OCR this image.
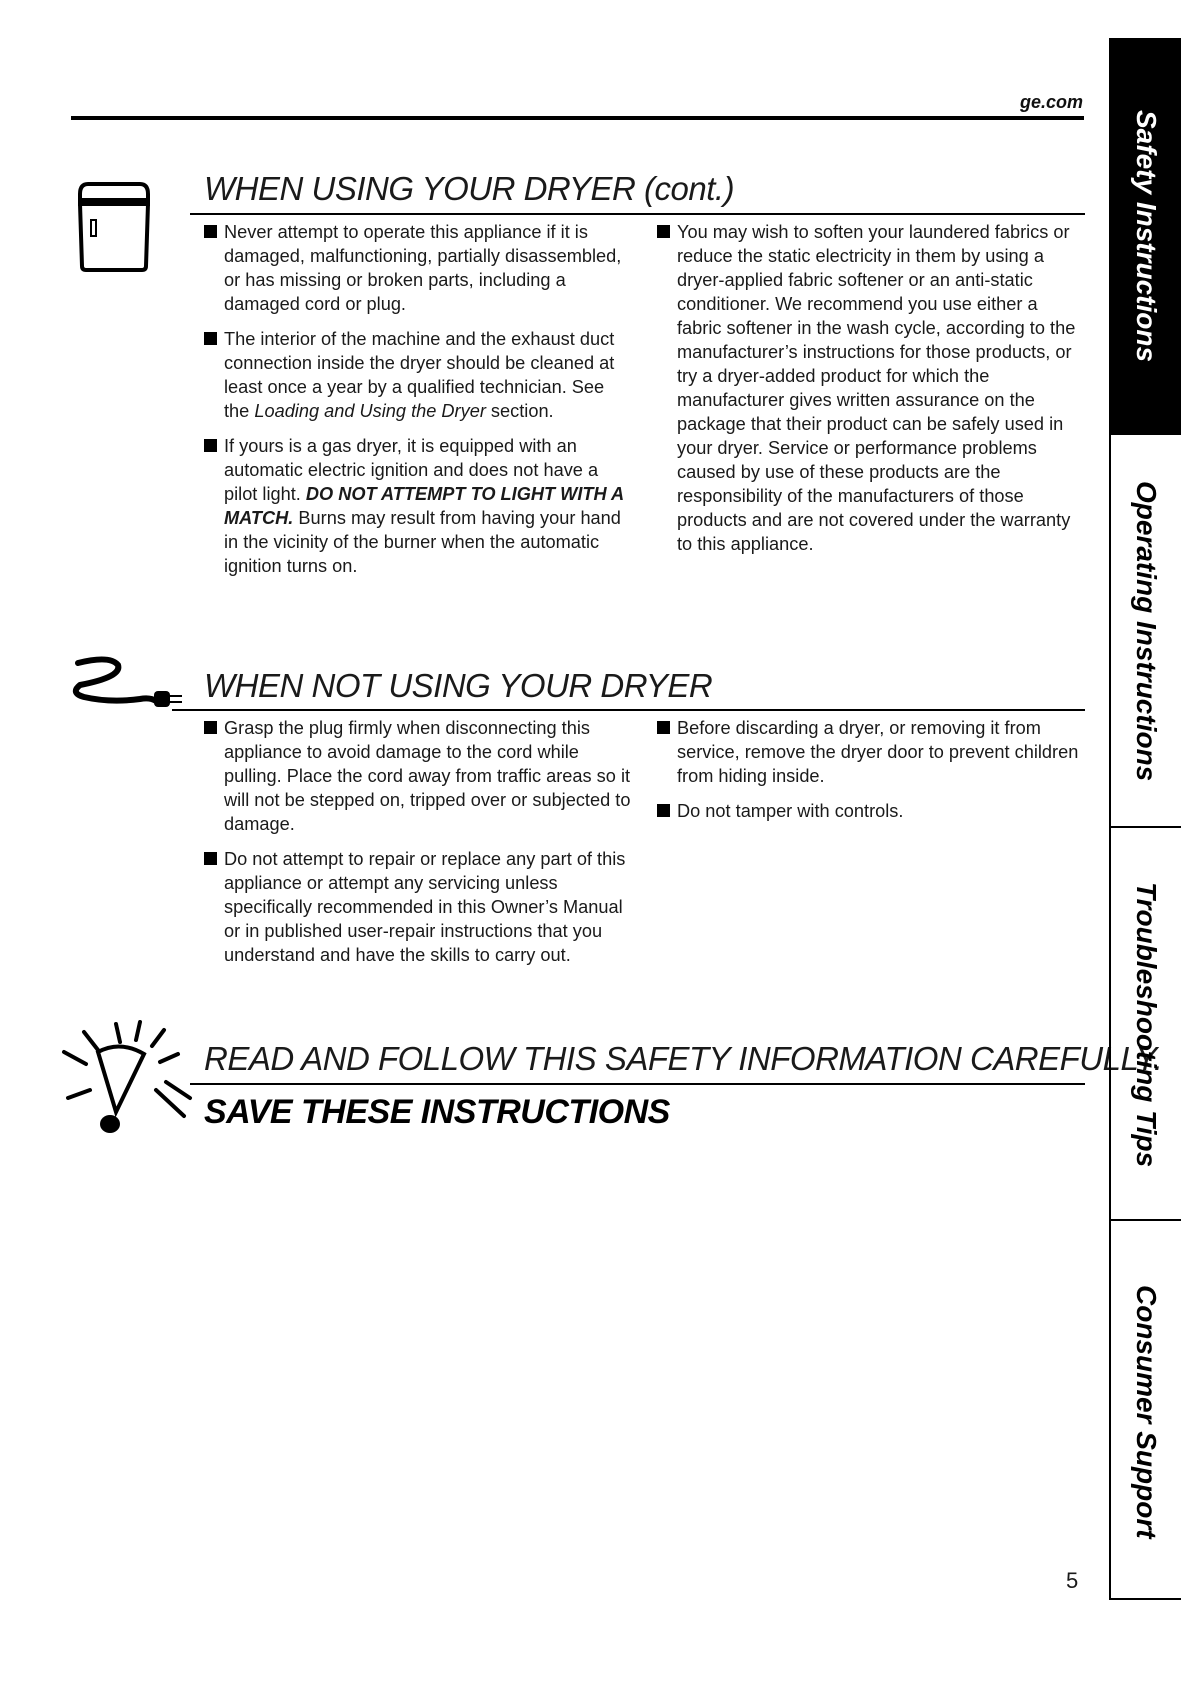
ge.com
WHEN USING YOUR DRYER (cont.)
Never attempt to operate this appliance if it is damaged, malfunctioning, partially disassembled, or has missing or broken parts, including a damaged cord or plug.
The interior of the machine and the exhaust duct connection inside the dryer should be cleaned at least once a year by a qualified technician. See the Loading and Using the Dryer section.
If yours is a gas dryer, it is equipped with an automatic electric ignition and does not have a pilot light. DO NOT ATTEMPT TO LIGHT WITH A MATCH. Burns may result from having your hand in the vicinity of the burner when the automatic ignition turns on.
You may wish to soften your laundered fabrics or reduce the static electricity in them by using a dryer-applied fabric softener or an anti-static conditioner. We recommend you use either a fabric softener in the wash cycle, according to the manufacturer’s instructions for those products, or try a dryer-added product for which the manufacturer gives written assurance on the package that their product can be safely used in your dryer. Service or performance problems caused by use of these products are the responsibility of the manufacturers of those products and are not covered under the warranty to this appliance.
WHEN NOT USING YOUR DRYER
Grasp the plug firmly when disconnecting this appliance to avoid damage to the cord while pulling. Place the cord away from traffic areas so it will not be stepped on, tripped over or subjected to damage.
Do not attempt to repair or replace any part of this appliance or attempt any servicing unless specifically recommended in this Owner’s Manual or in published user-repair instructions that you understand and have the skills to carry out.
Before discarding a dryer, or removing it from service, remove the dryer door to prevent children from hiding inside.
Do not tamper with controls.
READ AND FOLLOW THIS SAFETY INFORMATION CAREFULLY.
SAVE THESE INSTRUCTIONS
Safety Instructions
Operating Instructions
Troubleshooting Tips
Consumer Support
5
